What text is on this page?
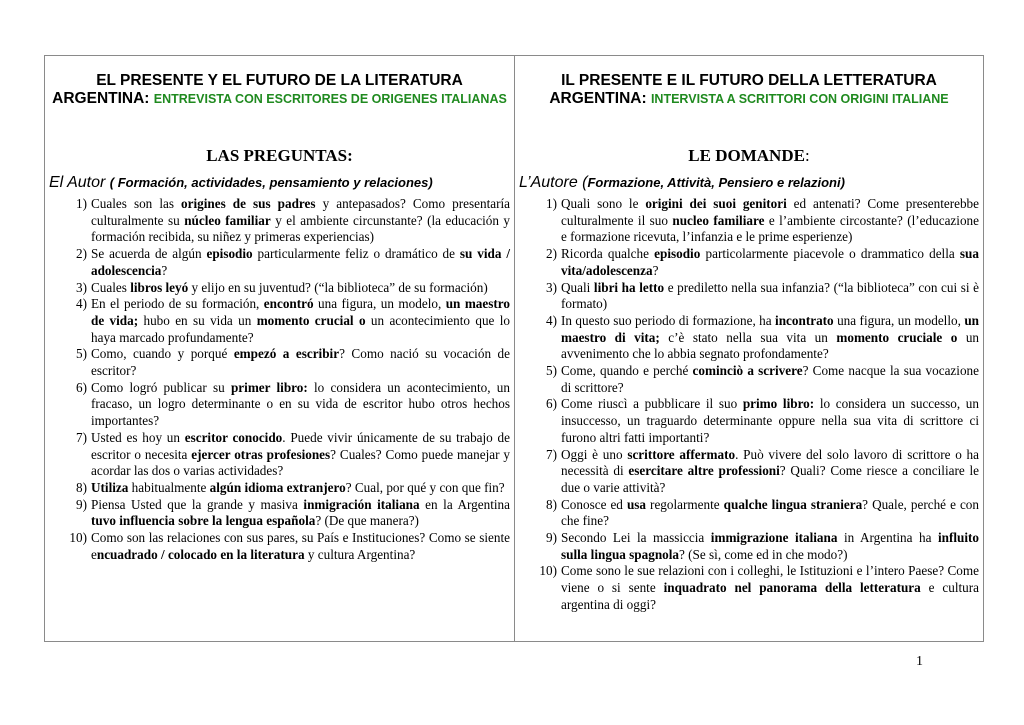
EL PRESENTE Y EL FUTURO DE LA LITERATURA ARGENTINA: ENTREVISTA CON ESCRITORES DE ORIGENES ITALIANAS
LAS PREGUNTAS:
El Autor ( Formación, actividades, pensamiento y relaciones)
1) Cuales son las origines de sus padres y antepasados? Como presentaría culturalmente su núcleo familiar y el ambiente circunstante? (la educación y formación recibida, su niñez y primeras experiencias)
2) Se acuerda de algún episodio particularmente feliz o dramático de su vida / adolescencia?
3) Cuales libros leyó y elijo en su juventud? (“la biblioteca” de su formación)
4) En el periodo de su formación, encontró una figura, un modelo, un maestro de vida; hubo en su vida un momento crucial o un acontecimiento que lo haya marcado profundamente?
5) Como, cuando y porqué empezó a escribir? Como nació su vocación de escritor?
6) Como logró publicar su primer libro: lo considera un acontecimiento, un fracaso, un logro determinante o en su vida de escritor hubo otros hechos importantes?
7) Usted es hoy un escritor conocido. Puede vivir únicamente de su trabajo de escritor o necesita ejercer otras profesiones? Cuales? Como puede manejar y acordar las dos o varias actividades?
8) Utiliza habitualmente algún idioma extranjero? Cual, por qué y con que fin?
9) Piensa Usted que la grande y masiva inmigración italiana en la Argentina tuvo influencia sobre la lengua española? (De que manera?)
10) Como son las relaciones con sus pares, su País e Instituciones? Como se siente encuadrado / colocado en la literatura y cultura Argentina?
IL PRESENTE E IL FUTURO DELLA LETTERATURA ARGENTINA: INTERVISTA A SCRITTORI CON ORIGINI ITALIANE
LE DOMANDE:
L’Autore (Formazione, Attività, Pensiero e relazioni)
1) Quali sono le origini dei suoi genitori ed antenati? Come presenterebbe culturalmente il suo nucleo familiare e l’ambiente circostante? (l’educazione e formazione ricevuta, l’infanzia e le prime esperienze)
2) Ricorda qualche episodio particolarmente piacevole o drammatico della sua vita/adolescenza?
3) Quali libri ha letto e prediletto nella sua infanzia? (“la biblioteca” con cui si è formato)
4) In questo suo periodo di formazione, ha incontrato una figura, un modello, un maestro di vita; c’è stato nella sua vita un momento cruciale o un avvenimento che lo abbia segnato profondamente?
5) Come, quando e perché cominciò a scrivere? Come nacque la sua vocazione di scrittore?
6) Come riuscì a pubblicare il suo primo libro: lo considera un successo, un insuccesso, un traguardo determinante oppure nella sua vita di scrittore ci furono altri fatti importanti?
7) Oggi è uno scrittore affermato. Può vivere del solo lavoro di scrittore o ha necessità di esercitare altre professioni? Quali? Come riesce a conciliare le due o varie attività?
8) Conosce ed usa regolarmente qualche lingua straniera? Quale, perché e con che fine?
9) Secondo Lei la massiccia immigrazione italiana in Argentina ha influito sulla lingua spagnola? (Se sì, come ed in che modo?)
10) Come sono le sue relazioni con i colleghi, le Istituzioni e l’intero Paese? Come viene o si sente inquadrato nel panorama della letteratura e cultura argentina di oggi?
1
